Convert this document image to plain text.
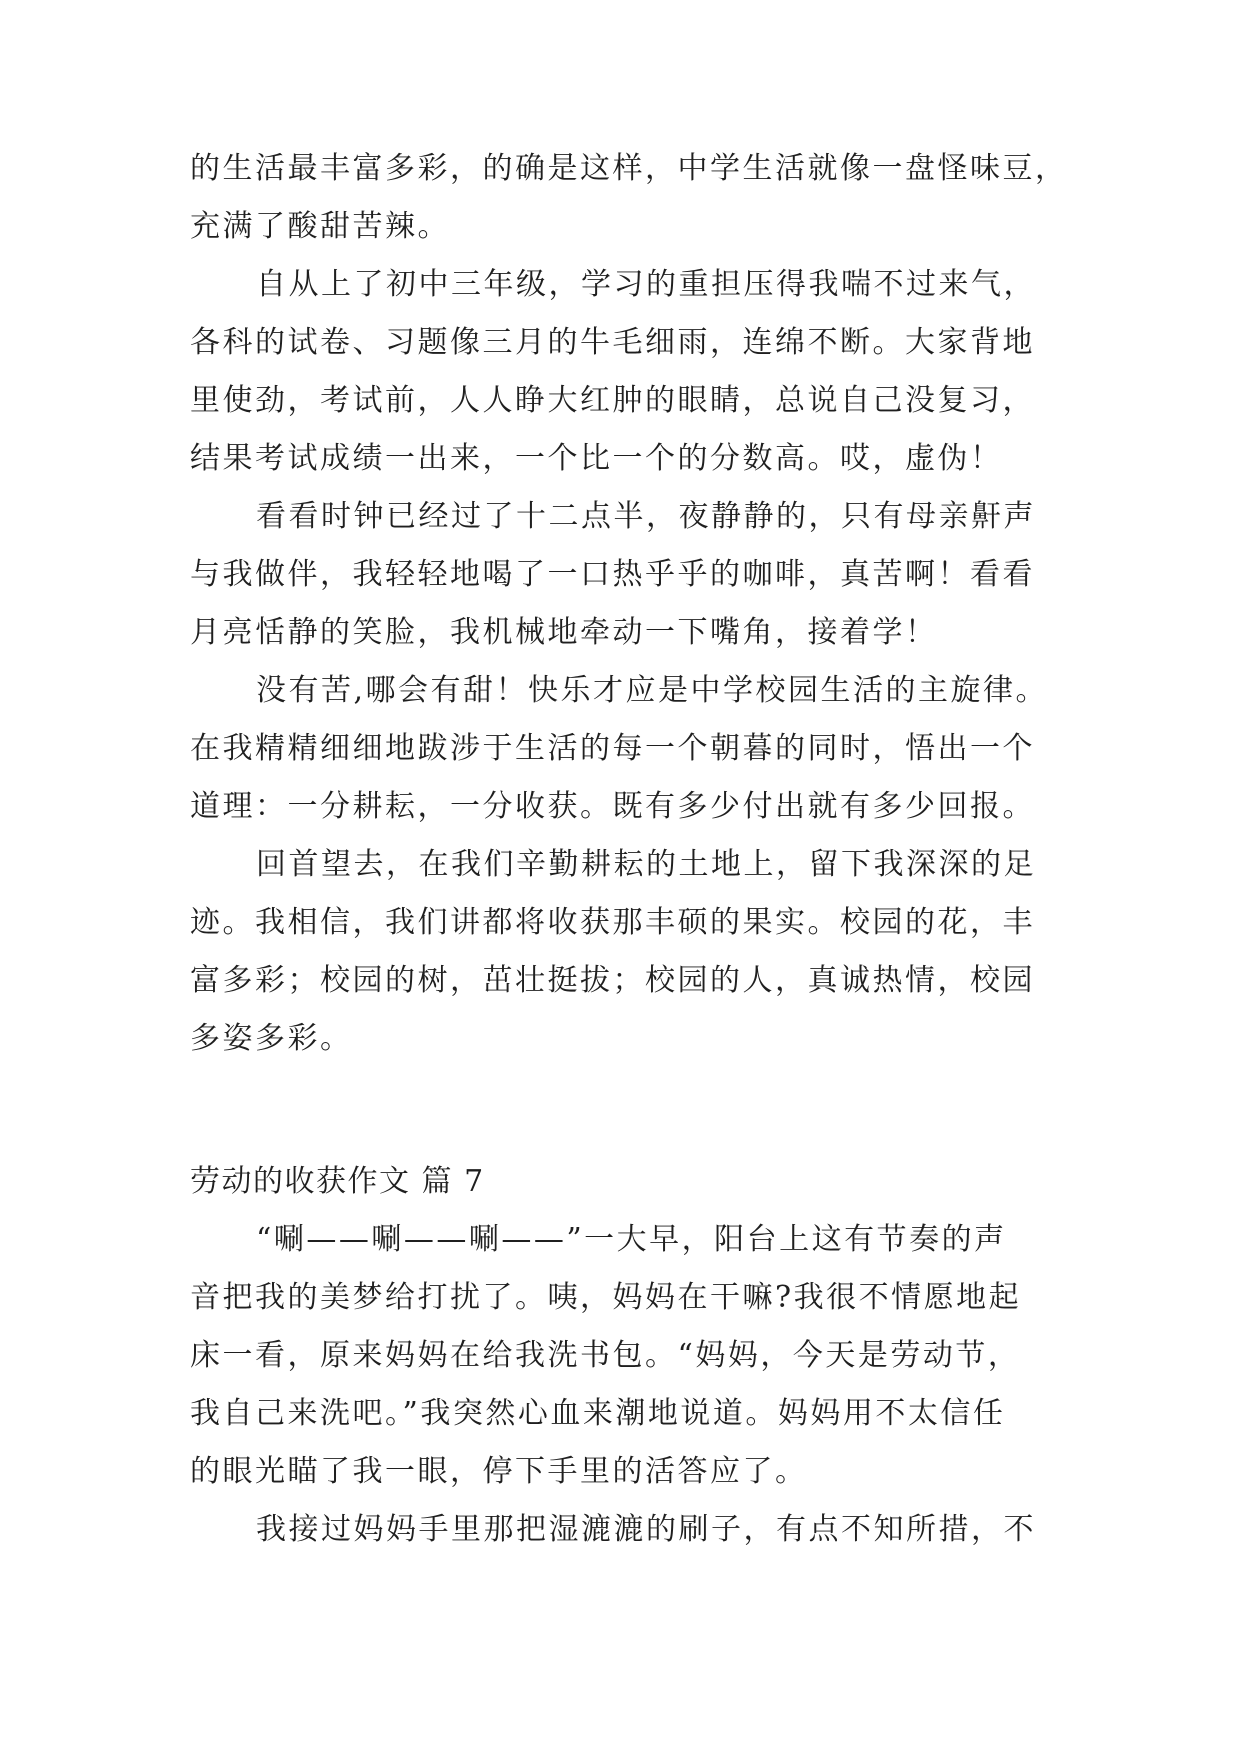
的生活最丰富多彩，的确是这样，中学生活就像一盘怪味豆，
充满了酸甜苦辣。
自从上了初中三年级，学习的重担压得我喘不过来气，
各科的试卷、习题像三月的牛毛细雨，连绵不断。大家背地
里使劲，考试前，人人睁大红肿的眼睛，总说自己没复习，
结果考试成绩一出来，一个比一个的分数高。哎，虚伪！
看看时钟已经过了十二点半，夜静静的，只有母亲鼾声
与我做伴，我轻轻地喝了一口热乎乎的咖啡，真苦啊！看看
月亮恬静的笑脸，我机械地牵动一下嘴角，接着学！
没有苦,哪会有甜！快乐才应是中学校园生活的主旋律。
在我精精细细地跋涉于生活的每一个朝暮的同时，悟出一个
道理：一分耕耘，一分收获。既有多少付出就有多少回报。
回首望去，在我们辛勤耕耘的土地上，留下我深深的足
迹。我相信，我们讲都将收获那丰硕的果实。校园的花，丰
富多彩；校园的树，茁壮挺拔；校园的人，真诚热情，校园
多姿多彩。
劳动的收获作文 篇 7
“唰——唰——唰——”一大早，阳台上这有节奏的声
音把我的美梦给打扰了。咦，妈妈在干嘛?我很不情愿地起
床一看，原来妈妈在给我洗书包。“妈妈，今天是劳动节，
我自己来洗吧。”我突然心血来潮地说道。妈妈用不太信任
的眼光瞄了我一眼，停下手里的活答应了。
我接过妈妈手里那把湿漉漉的刷子，有点不知所措，不
